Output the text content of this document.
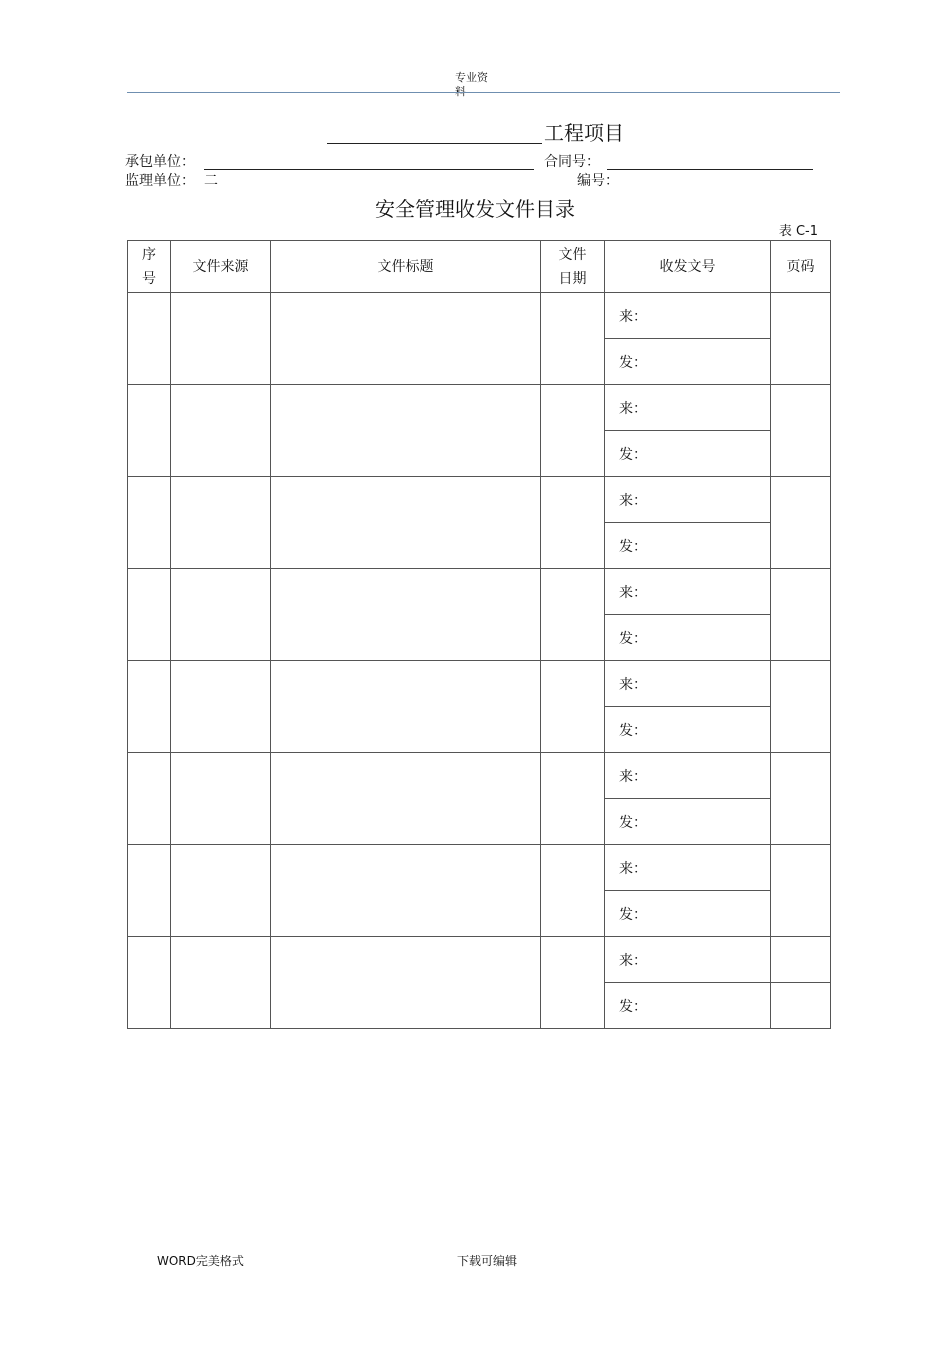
专业资料
工程项目
承包单位：	合同号：
监理单位： 二	编号：
安全管理收发文件目录
表 C-1
序号	文件来源	文件标题	文件日期	收发文号	页码
				来：	
				发：	
				来：	
				发：	
				来：	
				发：	
				来：	
				发：	
				来：	
				发：	
				来：	
				发：	
				来：	
				发：	
				来：	
				发：	
WORD完美格式	下载可编辑
